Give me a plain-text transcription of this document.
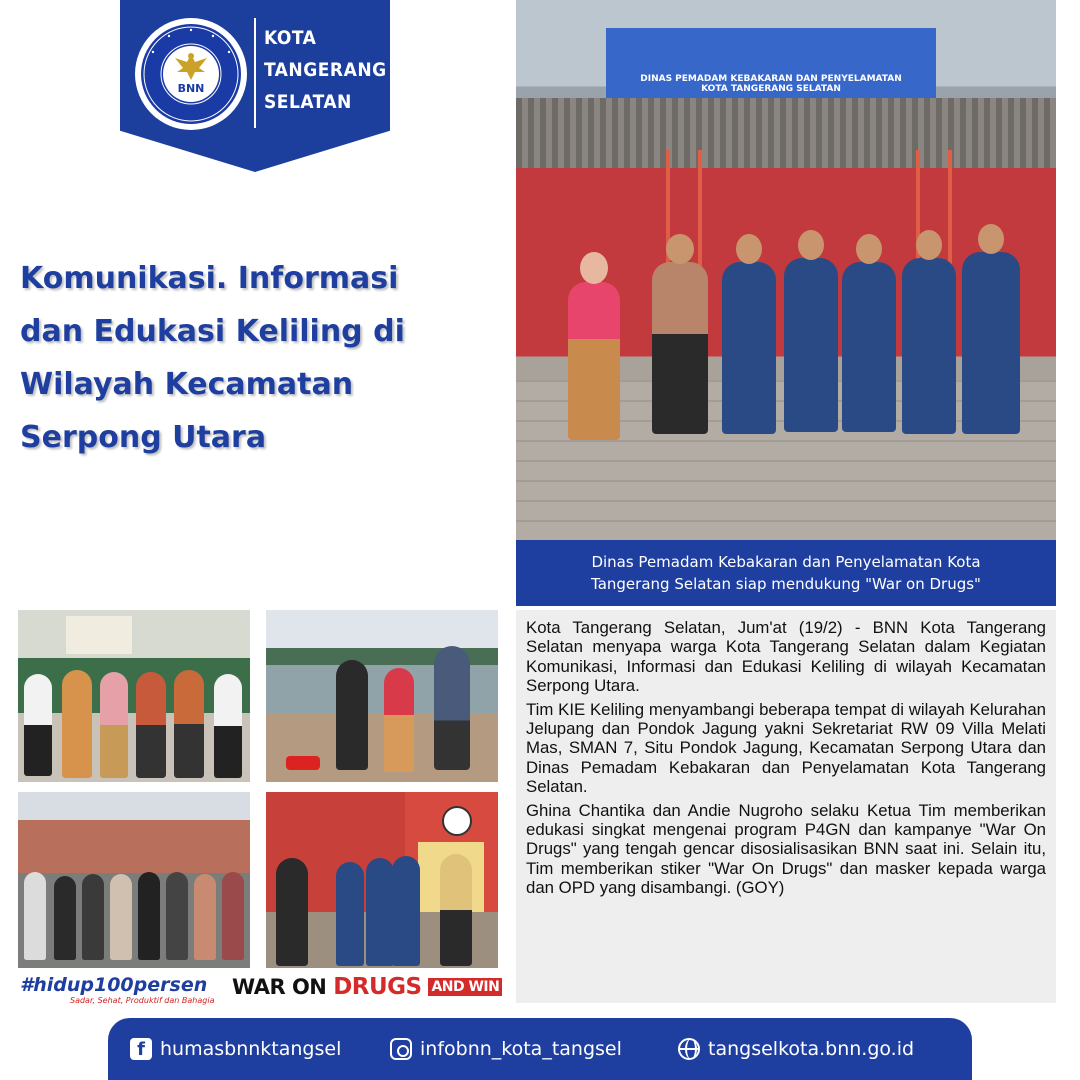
BNN
KOTA
TANGERANG
SELATAN
Komunikasi. Informasi
dan Edukasi Keliling di
Wilayah Kecamatan
Serpong Utara
DINAS PEMADAM KEBAKARAN DAN PENYELAMATAN
KOTA TANGERANG SELATAN
Dinas Pemadam Kebakaran dan Penyelamatan Kota
Tangerang Selatan siap mendukung "War on Drugs"

Kota Tangerang Selatan, Jum'at (19/2) - BNN Kota Tangerang Selatan menyapa warga Kota Tangerang Selatan dalam Kegiatan Komunikasi, Informasi dan Edukasi Keliling di wilayah Kecamatan Serpong Utara.

Tim KIE Keliling menyambangi beberapa tempat di wilayah Kelurahan Jelupang dan Pondok Jagung yakni Sekretariat RW 09 Villa Melati Mas, SMAN 7, Situ Pondok Jagung, Kecamatan Serpong Utara dan Dinas Pemadam Kebakaran dan Penyelamatan Kota Tangerang Selatan.

Ghina Chantika dan Andie Nugroho selaku Ketua Tim memberikan edukasi singkat mengenai program P4GN dan kampanye "War On Drugs" yang tengah gencar disosialisasikan BNN saat ini. Selain itu, Tim memberikan stiker "War On Drugs" dan masker kepada warga dan OPD yang disambangi. (GOY)

#hidup100persen
Sadar, Sehat, Produktif dan Bahagia
WAR ON DRUGS AND WIN
f humasbnnktangsel	infobnn_kota_tangsel	tangselkota.bnn.go.id
